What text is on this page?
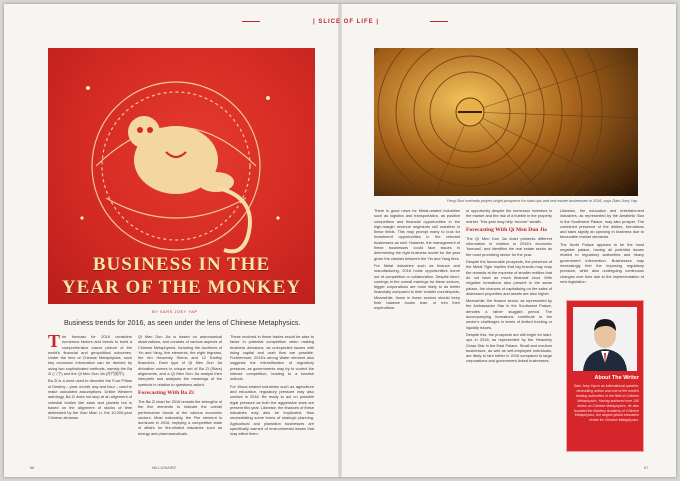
| SLICE OF LIFE |
BUSINESS IN THE
YEAR OF THE MONKEY
BY SARS JOEY YAP
Business trends for 2016, as seen under the lens of Chinese Metaphysics.
T he forecast for 2016 considers numerous factors and trends to build a comprehensive macro picture of the world's financial and geopolitical outcomes. Under the lens of Chinese Metaphysics, such key economic information can be derived by using two sophisticated methods, namely the Ba Zi (八字) and the Qi Men Dun Jia (奇門遁甲).

Ba Zi is a word used to describe the Four Pillars of Destiny – year, month, day and hour – used to make calculated assumptions. Unlike Western astrology, Ba Zi does not stop at an alignment of celestial bodies like stars and planets but is based on the alignment of stocks of time delineated by the Xian Mian Li, the 10,000-year Chinese almanac.

Qi Men Dun Jia is based on astronomical observations, and consists of various aspects of Chinese Metaphysics, including the doctrines of Yin and Yang, five elements, the eight trigrams, the ten Heavenly Stems and 12 Earthly Branches. Each type of Qi Men Dun Jia divination comes to unique set of Ba Zi (Stars) alignments, and a Qi Men Dun Jia analyst then interprets and analyses the meanings of the symbols in relation to questions asked.

Forecasting With Ba Zi

The Ba Zi chart for 2016 reveals the strengths of the five elements to indicate the overall performance trends of the various economic sectors. Most noticeably, the Fire element is dominant in 2016, implying a competitive state of affairs for fire-related industries such as energy and pharmaceuticals.

These involved in these trades would be wise to factor in potential competition when making business decisions, as unexpected issues with rising capital and cash flow are possible. Furthermore, 2016's strong Water element also suggests the intensification of regulatory pressure, as governments may try to control the intense competition, leading to a bearish outlook.

For Wood-related industries such as agriculture and education, regulatory pressure may also surface in 2016. Be ready to act on possible legal pressure as both the aggressive stars are present this year. Likewise, the finances of these industries may also be implicated, thus necessitating some forms of strategic planning. Agricultural and plantation businesses are specifically warned of environmental issues that may affect them.

Feng Shui methods project bright prospects for start-ups and real estate businesses in 2016, says Dato Joey Yap.

There is good news for Metal-related industries such as logistics and transportation, as positive competition and financial opportunities in the high-margin revenue segments will manifest in these fields. This may prompt many to look for investment opportunities in the relevant businesses as well. However, the management of these businesses could face issues in determining the right business model for the year given the clashes between the Yin and Yang fires.

For Metal industries such as finance and manufacturing, 2016 holds opportunities borne out of competition or collaboration. Despite short-comings in the overall earnings for these sectors, bigger corporations are more likely to do better financially compared to their smaller counterparts. Meanwhile, those in these sectors should keep their balance books lean, or trim their expenditure.

or opportunity despite the numerous investors in the market and the risk of a bubble in the property market. This year may help 'recover' wealth.

Forecasting With Qi Men Dun Jia

The Qi Men Dun Jia chart presents different information in relation to 2016's economic 'forecast', and identifies the real estate sector as the most promising sector for the year.

Despite the favourable prospects, the presence of the Metal Tiger implies that big brands may reap the rewards at the expense of smaller entities that do not have as much financial clout. With negative formations also present in the same palace, the chances of capitalising on fire sales of distressed properties and assets are also higher.

Meanwhile, the finance sector, as represented by the Ambassador Star in the Southwest Palace, denotes a rather sluggish period. The accompanying formations contribute to the sector's challenges in terms of limited funding or liquidity issues.

Despite this, the prospects are still bright for start-ups in 2016, as represented by the Heavenly Grass Star in the East Palace. Small and medium businesses, as well as self-employed individuals, are likely to fare better in 2016 compared to large corporations and government-linked businesses.

Likewise, the education and entertainment industries, as represented by the Aesthetic Star in the Southwest Palace, may also prosper. The combined presence of the deities, formations and stars signify an upswing in business due to favourable market demands.

The North Palace appears to be the most negative palace, having all potential issues related to regulatory authorities and heavy government intervention. Businesses may increasingly feel the imposing regulatory pressure, while also undergoing continuous changes over time due to the implementation of new legislation.

About The Writer
Dato Joey Yap is an international speaker, bestselling author and one of the world's leading authorities in the field of Chinese Metaphysics. Having authored over 160 books on Chinese Metaphysics, he also founded the Mastery Academy of Chinese Metaphysics, the largest global education centre for Chinese Metaphysics.
66	MILLIONAIRE	67
